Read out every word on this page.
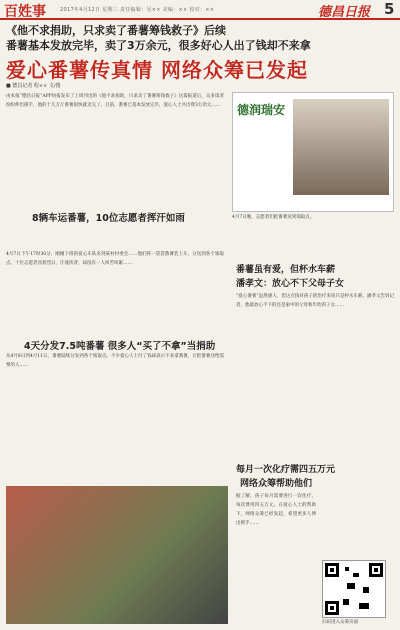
百姓事	2017年4月12日 星期三 责任编辑：吴×× 美编：×× 校对：××	德昌日报 5
《他不求捐助，只求卖了番薯筹钱救子》后续
番薯基本发放完毕，卖了3万余元，很多好心人出了钱却不来拿
爱心番薯传真情 网络众筹已发起
■ 德昌记者 程×× 文/图
由本报“德昌日报”APP快报发布了上周刊出的《他不求捐助，只求卖了番薯筹钱救子》这篇报道后，众多读者纷纷伸出援手，他的十几万斤番薯很快就卖完了。目前，番薯已基本发放完毕，爱心人士共出资3万余元……	德润瑞安
4月7日晚，志愿者们把番薯送到领取点。
8辆车运番薯，10位志愿者挥汗如雨
4月7日下午17时30分，刚刚下班的爱心车队来到某村村委会……他们将一袋袋番薯装上车，分送到各个领取点。十位志愿者顶着烈日，汗流浃背，却没有一人叫苦叫累……
4天分发7.5吨番薯 很多人“买了不拿”当捐助
从4月8日到4月11日，番薯陆续分发到各个领取点。不少爱心人士付了钱却表示不来拿番薯，让把番薯送给需要的人……
番薯虽有爱，但杯水车薪
潘孝文：放心不下父母子女
“爱心番薯”虽然感人，但这点钱对孩子的治疗来说只是杯水车薪。潘孝文告诉记者，他最放心不下的还是家中的父母和年幼的子女……
每月一次化疗需四五万元
网络众筹帮助他们
据了解，孩子每月需要进行一次化疗，每次费用四五万元。在爱心人士的帮助下，网络众筹已经发起，希望更多人伸出援手……
扫码进入众筹页面
